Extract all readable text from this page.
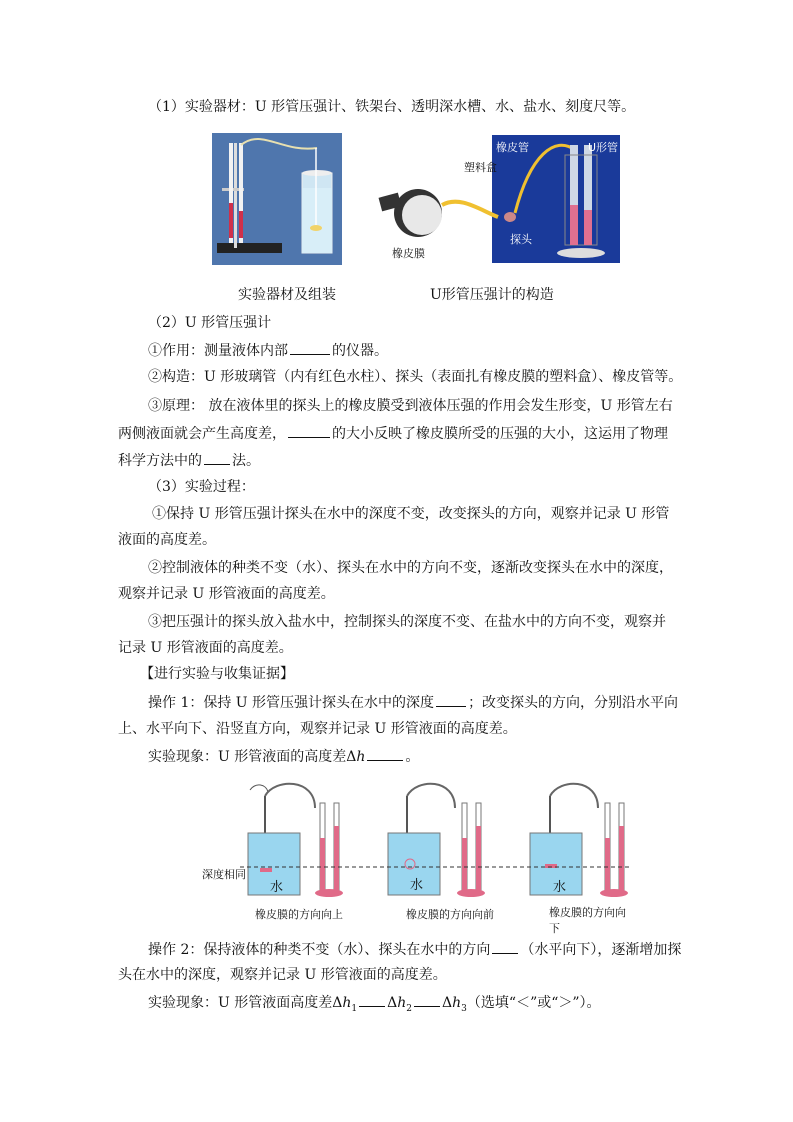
（1）实验器材：U 形管压强计、铁架台、透明深水槽、水、盐水、刻度尺等。
塑料盒
橡皮膜
橡皮管	U形管
探头
实验器材及组装	U形管压强计的构造
（2）U 形管压强计
①作用：测量液体内部	的仪器。
②构造：U 形玻璃管（内有红色水柱）、探头（表面扎有橡皮膜的塑料盒）、橡皮管等。
③原理： 放在液体里的探头上的橡皮膜受到液体压强的作用会发生形变，U 形管左右
两侧液面就会产生高度差，	的大小反映了橡皮膜所受的压强的大小，这运用了物理
科学方法中的 法。
（3）实验过程：
①保持 U 形管压强计探头在水中的深度不变，改变探头的方向，观察并记录 U 形管
液面的高度差。
②控制液体的种类不变（水）、探头在水中的方向不变，逐渐改变探头在水中的深度，
观察并记录 U 形管液面的高度差。
③把压强计的探头放入盐水中，控制探头的深度不变、在盐水中的方向不变，观察并
记录 U 形管液面的高度差。
【进行实验与收集证据】
操作 1：保持 U 形管压强计探头在水中的深度 ；改变探头的方向，分别沿水平向
上、水平向下、沿竖直方向，观察并记录 U 形管液面的高度差。
实验现象：U 形管液面的高度差Δh	。
深度相同
水	水	水
橡皮膜的方向向上	橡皮膜的方向向前	橡皮膜的方向向下
操作 2：保持液体的种类不变（水）、探头在水中的方向 （水平向下），逐渐增加探
头在水中的深度，观察并记录 U 形管液面的高度差。
实验现象：U 形管液面高度差$\Delta h_1$ $\Delta h_2$ $\Delta h_3$（选填“＜”或“＞”）。
